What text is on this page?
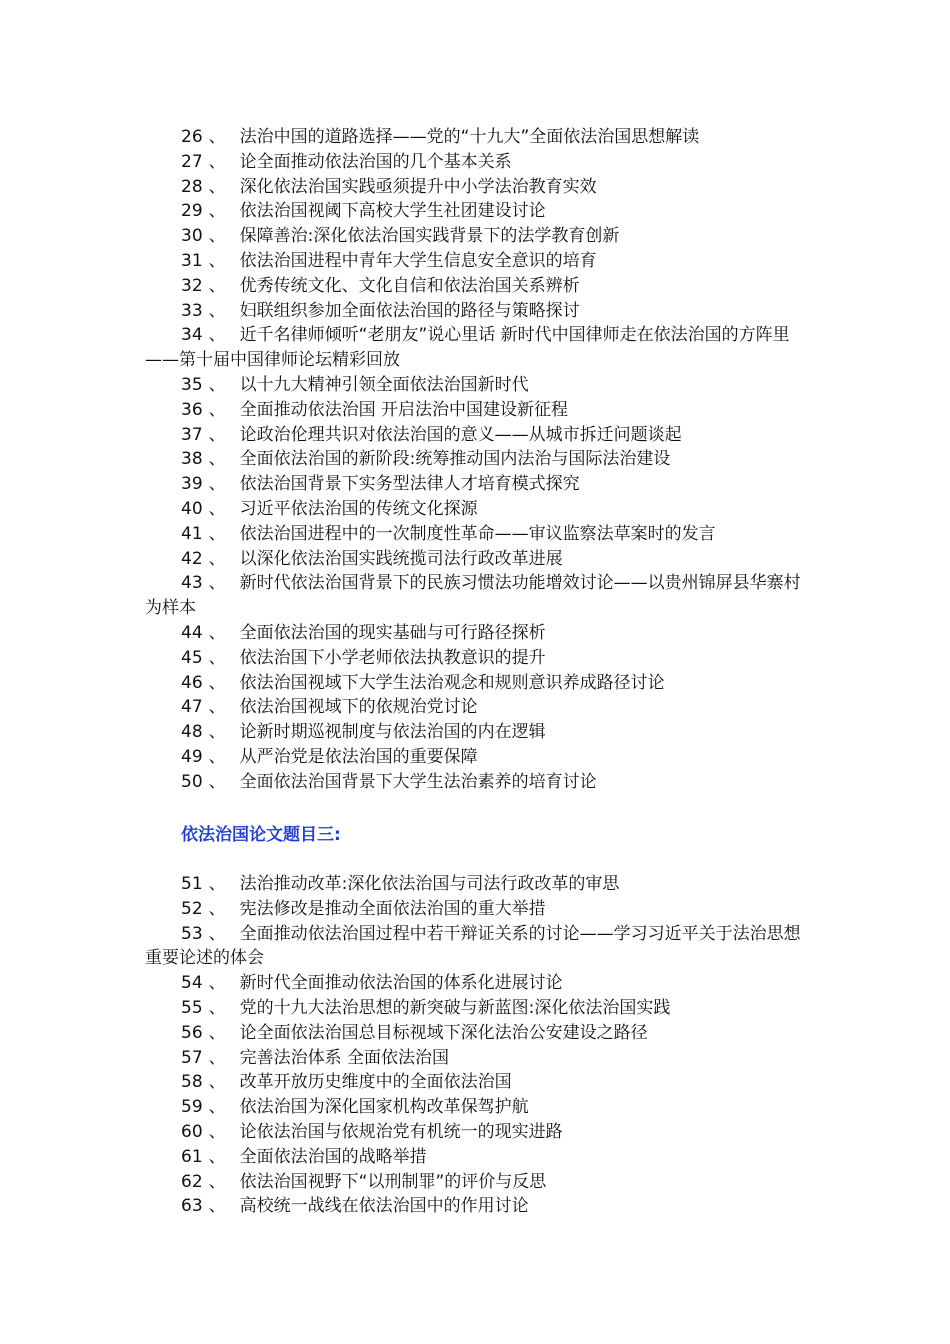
26 、 法治中国的道路选择——党的“十九大”全面依法治国思想解读

27 、 论全面推动依法治国的几个基本关系

28 、 深化依法治国实践亟须提升中小学法治教育实效

29 、 依法治国视阈下高校大学生社团建设讨论

30 、 保障善治:深化依法治国实践背景下的法学教育创新

31 、 依法治国进程中青年大学生信息安全意识的培育

32 、 优秀传统文化、文化自信和依法治国关系辨析

33 、 妇联组织参加全面依法治国的路径与策略探讨

34 、 近千名律师倾听“老朋友”说心里话 新时代中国律师走在依法治国的方阵里——第十届中国律师论坛精彩回放

35 、 以十九大精神引领全面依法治国新时代

36 、 全面推动依法治国 开启法治中国建设新征程

37 、 论政治伦理共识对依法治国的意义——从城市拆迁问题谈起

38 、 全面依法治国的新阶段:统筹推动国内法治与国际法治建设

39 、 依法治国背景下实务型法律人才培育模式探究

40 、 习近平依法治国的传统文化探源

41 、 依法治国进程中的一次制度性革命——审议监察法草案时的发言

42 、 以深化依法治国实践统揽司法行政改革进展

43 、 新时代依法治国背景下的民族习惯法功能增效讨论——以贵州锦屏县华寨村为样本

44 、 全面依法治国的现实基础与可行路径探析

45 、 依法治国下小学老师依法执教意识的提升

46 、 依法治国视域下大学生法治观念和规则意识养成路径讨论

47 、 依法治国视域下的依规治党讨论

48 、 论新时期巡视制度与依法治国的内在逻辑

49 、 从严治党是依法治国的重要保障

50 、 全面依法治国背景下大学生法治素养的培育讨论

依法治国论文题目三:

51 、 法治推动改革:深化依法治国与司法行政改革的审思

52 、 宪法修改是推动全面依法治国的重大举措

53 、 全面推动依法治国过程中若干辩证关系的讨论——学习习近平关于法治思想重要论述的体会

54 、 新时代全面推动依法治国的体系化进展讨论

55 、 党的十九大法治思想的新突破与新蓝图:深化依法治国实践

56 、 论全面依法治国总目标视域下深化法治公安建设之路径

57 、 完善法治体系 全面依法治国

58 、 改革开放历史维度中的全面依法治国

59 、 依法治国为深化国家机构改革保驾护航

60 、 论依法治国与依规治党有机统一的现实进路

61 、 全面依法治国的战略举措

62 、 依法治国视野下“以刑制罪”的评价与反思

63 、 高校统一战线在依法治国中的作用讨论
